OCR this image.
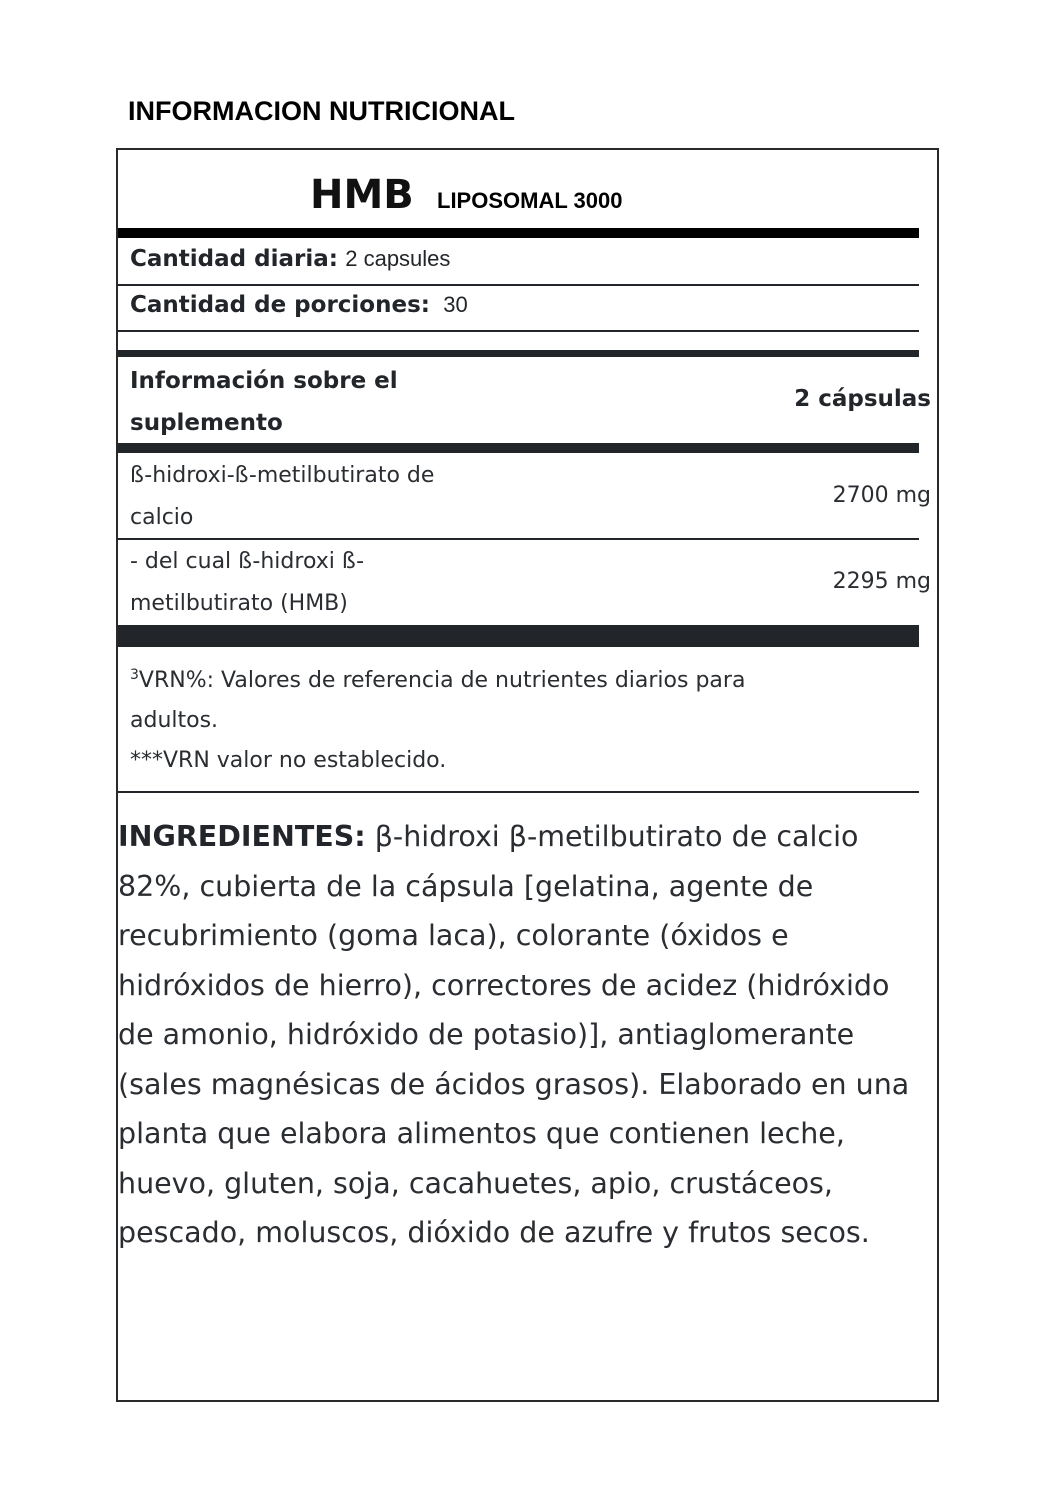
INFORMACION NUTRICIONAL
HMB LIPOSOMAL 3000
Cantidad diaria: 2 capsules
Cantidad de porciones: 30
Información sobre el
suplemento
2 cápsulas
ß-hidroxi-ß-metilbutirato de
calcio
2700 mg
- del cual ß-hidroxi ß-
metilbutirato (HMB)
2295 mg
$^3$VRN%: Valores de referencia de nutrientes diarios para
adultos.
***VRN valor no establecido.
INGREDIENTES: β-hidroxi β-metilbutirato de calcio 82%, cubierta de la cápsula [gelatina, agente de recubrimiento (goma laca), colorante (óxidos e hidróxidos de hierro), correctores de acidez (hidróxido de amonio, hidróxido de potasio)], antiaglomerante (sales magnésicas de ácidos grasos). Elaborado en una planta que elabora alimentos que contienen leche, huevo, gluten, soja, cacahuetes, apio, crustáceos, pescado, moluscos, dióxido de azufre y frutos secos.
